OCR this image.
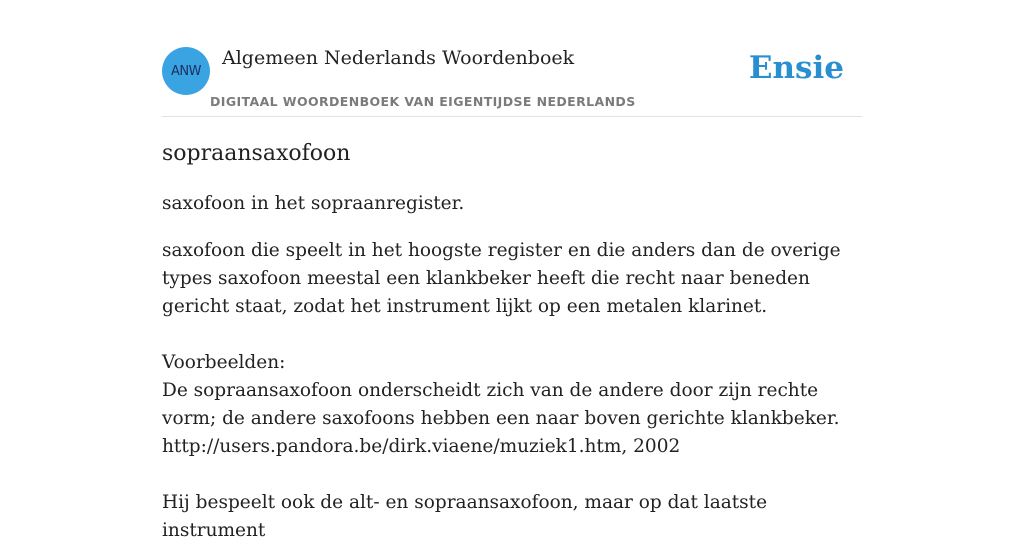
ANW
Algemeen Nederlands Woordenboek
DIGITAAL WOORDENBOEK VAN EIGENTIJDSE NEDERLANDS
Ensie
sopraansaxofoon

saxofoon in het sopraanregister.

saxofoon die speelt in het hoogste register en die anders dan de overige types saxofoon meestal een klankbeker heeft die recht naar beneden gericht staat, zodat het instrument lijkt op een metalen klarinet.

Voorbeelden:
De sopraansaxofoon onderscheidt zich van de andere door zijn rechte vorm; de andere saxofoons hebben een naar boven gerichte klankbeker.
http://users.pandora.be/dirk.viaene/muziek1.htm, 2002
Hij bespeelt ook de alt- en sopraansaxofoon, maar op dat laatste instrument
